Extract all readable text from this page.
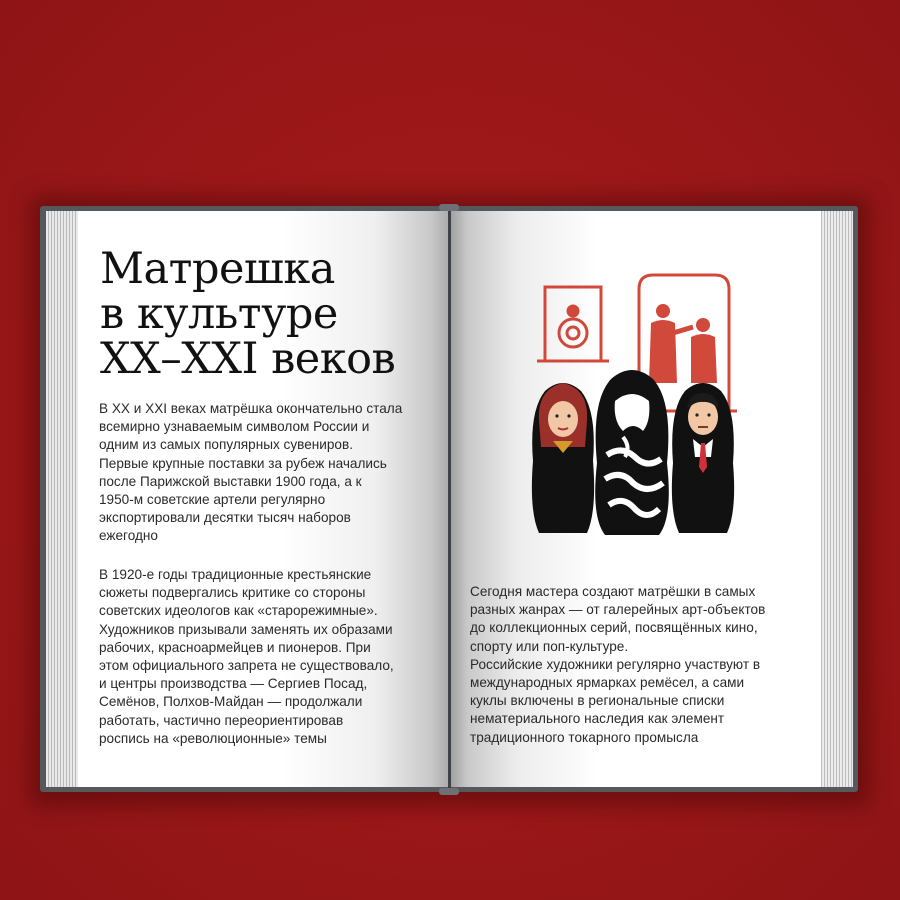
Матрешка
в культуре
XX–XXI веков

В XX и XXI веках матрёшка окончательно стала
всемирно узнаваемым символом России и
одним из самых популярных сувениров.
Первые крупные поставки за рубеж начались
после Парижской выставки 1900 года, а к
1950-м советские артели регулярно
экспортировали десятки тысяч наборов
ежегодно

В 1920-е годы традиционные крестьянские
сюжеты подвергались критике со стороны
советских идеологов как «старорежимные».
Художников призывали заменять их образами
рабочих, красноармейцев и пионеров. При
этом официального запрета не существовало,
и центры производства — Сергиев Посад,
Семёнов, Полхов-Майдан — продолжали
работать, частично переориентировав
роспись на «революционные» темы

Сегодня мастера создают матрёшки в самых
разных жанрах — от галерейных арт-объектов
до коллекционных серий, посвящённых кино,
спорту или поп-культуре.
Российские художники регулярно участвуют в
международных ярмарках ремёсел, а сами
куклы включены в региональные списки
нематериального наследия как элемент
традиционного токарного промысла
